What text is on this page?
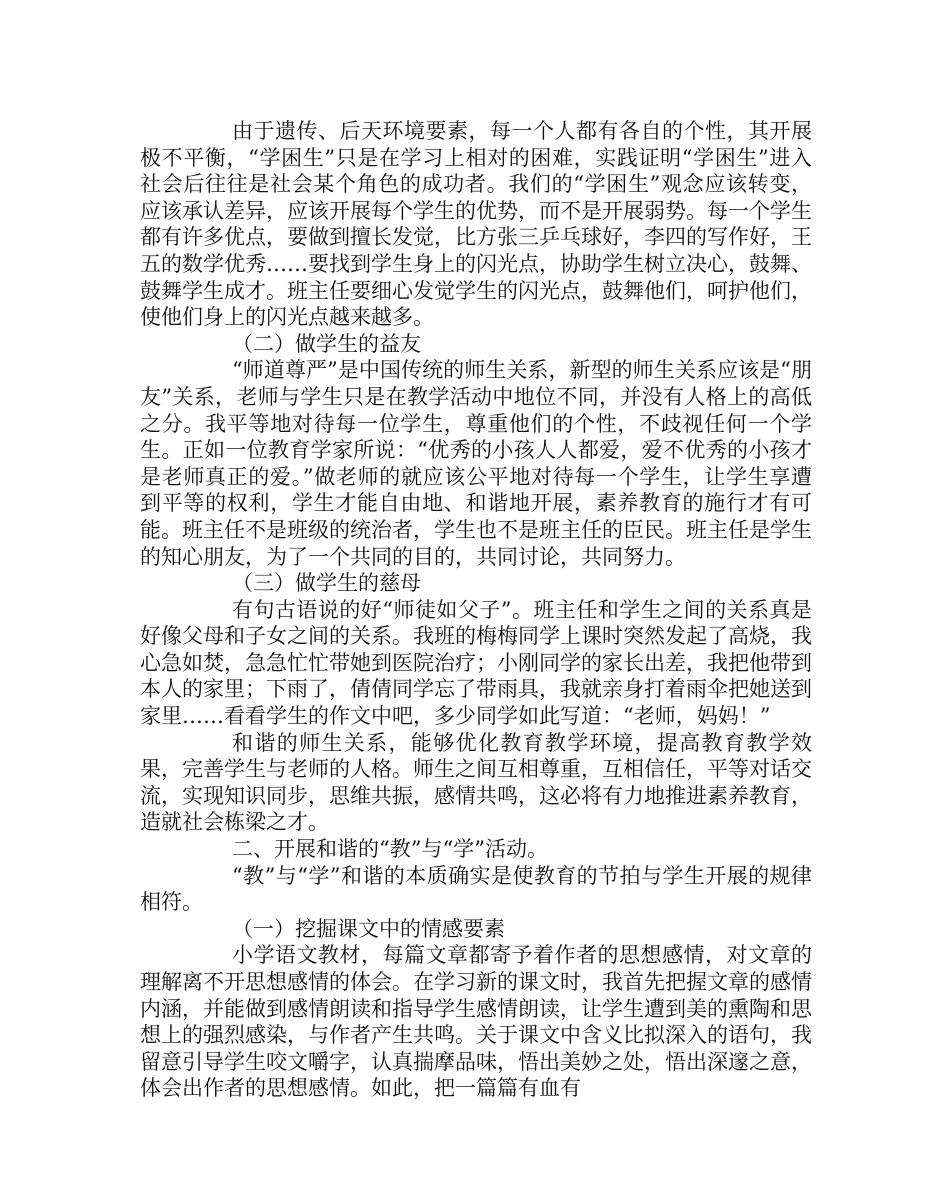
由于遗传、后天环境要素，每一个人都有各自的个性，其开展极不平衡，“学困生”只是在学习上相对的困难，实践证明“学困生”进入社会后往往是社会某个角色的成功者。我们的“学困生”观念应该转变，应该承认差异，应该开展每个学生的优势，而不是开展弱势。每一个学生都有许多优点，要做到擅长发觉，比方张三乒乓球好，李四的写作好，王五的数学优秀……要找到学生身上的闪光点，协助学生树立决心，鼓舞、鼓舞学生成才。班主任要细心发觉学生的闪光点，鼓舞他们，呵护他们，使他们身上的闪光点越来越多。

（二）做学生的益友

“师道尊严”是中国传统的师生关系，新型的师生关系应该是“朋友”关系，老师与学生只是在教学活动中地位不同，并没有人格上的高低之分。我平等地对待每一位学生，尊重他们的个性，不歧视任何一个学生。正如一位教育学家所说：“优秀的小孩人人都爱，爱不优秀的小孩才是老师真正的爱。”做老师的就应该公平地对待每一个学生，让学生享遭到平等的权利，学生才能自由地、和谐地开展，素养教育的施行才有可能。班主任不是班级的统治者，学生也不是班主任的臣民。班主任是学生的知心朋友，为了一个共同的目的，共同讨论，共同努力。

（三）做学生的慈母

有句古语说的好“师徒如父子”。班主任和学生之间的关系真是好像父母和子女之间的关系。我班的梅梅同学上课时突然发起了高烧，我心急如焚，急急忙忙带她到医院治疗；小刚同学的家长出差，我把他带到本人的家里；下雨了，倩倩同学忘了带雨具，我就亲身打着雨伞把她送到家里……看看学生的作文中吧，多少同学如此写道：“老师，妈妈！”

和谐的师生关系，能够优化教育教学环境，提高教育教学效果，完善学生与老师的人格。师生之间互相尊重，互相信任，平等对话交流，实现知识同步，思维共振，感情共鸣，这必将有力地推进素养教育，造就社会栋梁之才。

二、开展和谐的“教”与“学”活动。

“教”与“学”和谐的本质确实是使教育的节拍与学生开展的规律相符。

（一）挖掘课文中的情感要素

小学语文教材，每篇文章都寄予着作者的思想感情，对文章的理解离不开思想感情的体会。在学习新的课文时，我首先把握文章的感情内涵，并能做到感情朗读和指导学生感情朗读，让学生遭到美的熏陶和思想上的强烈感染，与作者产生共鸣。关于课文中含义比拟深入的语句，我留意引导学生咬文嚼字，认真揣摩品味，悟出美妙之处，悟出深邃之意，体会出作者的思想感情。如此，把一篇篇有血有
